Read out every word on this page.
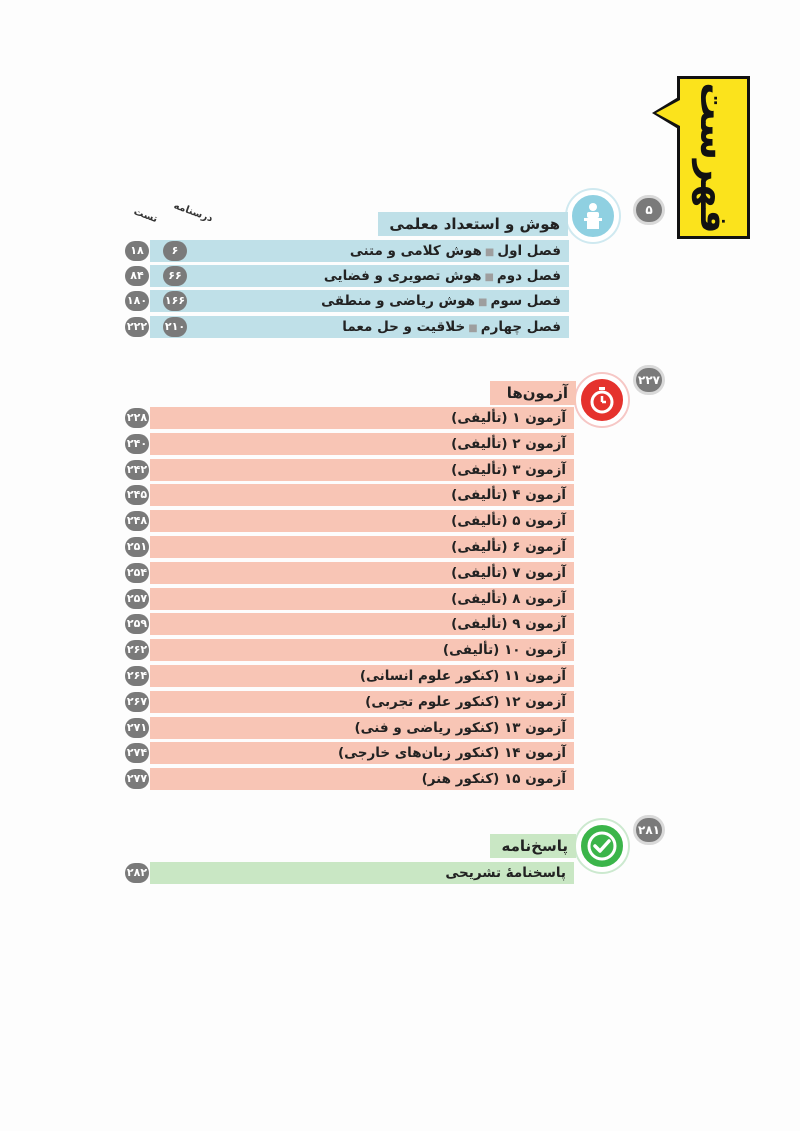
فهرست
درسنامه
تست	۵
هوش و استعداد معلمی
فصل اول■هوش کلامی و متنی
فصل دوم■هوش تصویری و فضایی
فصل سوم■هوش ریاضی و منطقی
فصل چهارم■خلاقیت و حل معما
۶
۶۶
۱۶۶
۲۱۰
۱۸
۸۴
۱۸۰
۲۲۲
۲۲۷
آزمون‌ها
۲۸۱
پاسخ‌نامه
پاسخنامۀ تشریحی
۲۸۲
آزمون ۱ (تألیفی)
۲۲۸
آزمون ۲ (تألیفی)
۲۴۰
آزمون ۳ (تألیفی)
۲۴۲
آزمون ۴ (تألیفی)
۲۴۵
آزمون ۵ (تألیفی)
۲۴۸
آزمون ۶ (تألیفی)
۲۵۱
آزمون ۷ (تألیفی)
۲۵۴
آزمون ۸ (تألیفی)
۲۵۷
آزمون ۹ (تألیفی)
۲۵۹
آزمون ۱۰ (تألیفی)
۲۶۲
آزمون ۱۱ (کنکور علوم انسانی)
۲۶۴
آزمون ۱۲ (کنکور علوم تجربی)
۲۶۷
آزمون ۱۳ (کنکور ریاضی و فنی)
۲۷۱
آزمون ۱۴ (کنکور زبان‌های خارجی)
۲۷۴
آزمون ۱۵ (کنکور هنر)
۲۷۷
